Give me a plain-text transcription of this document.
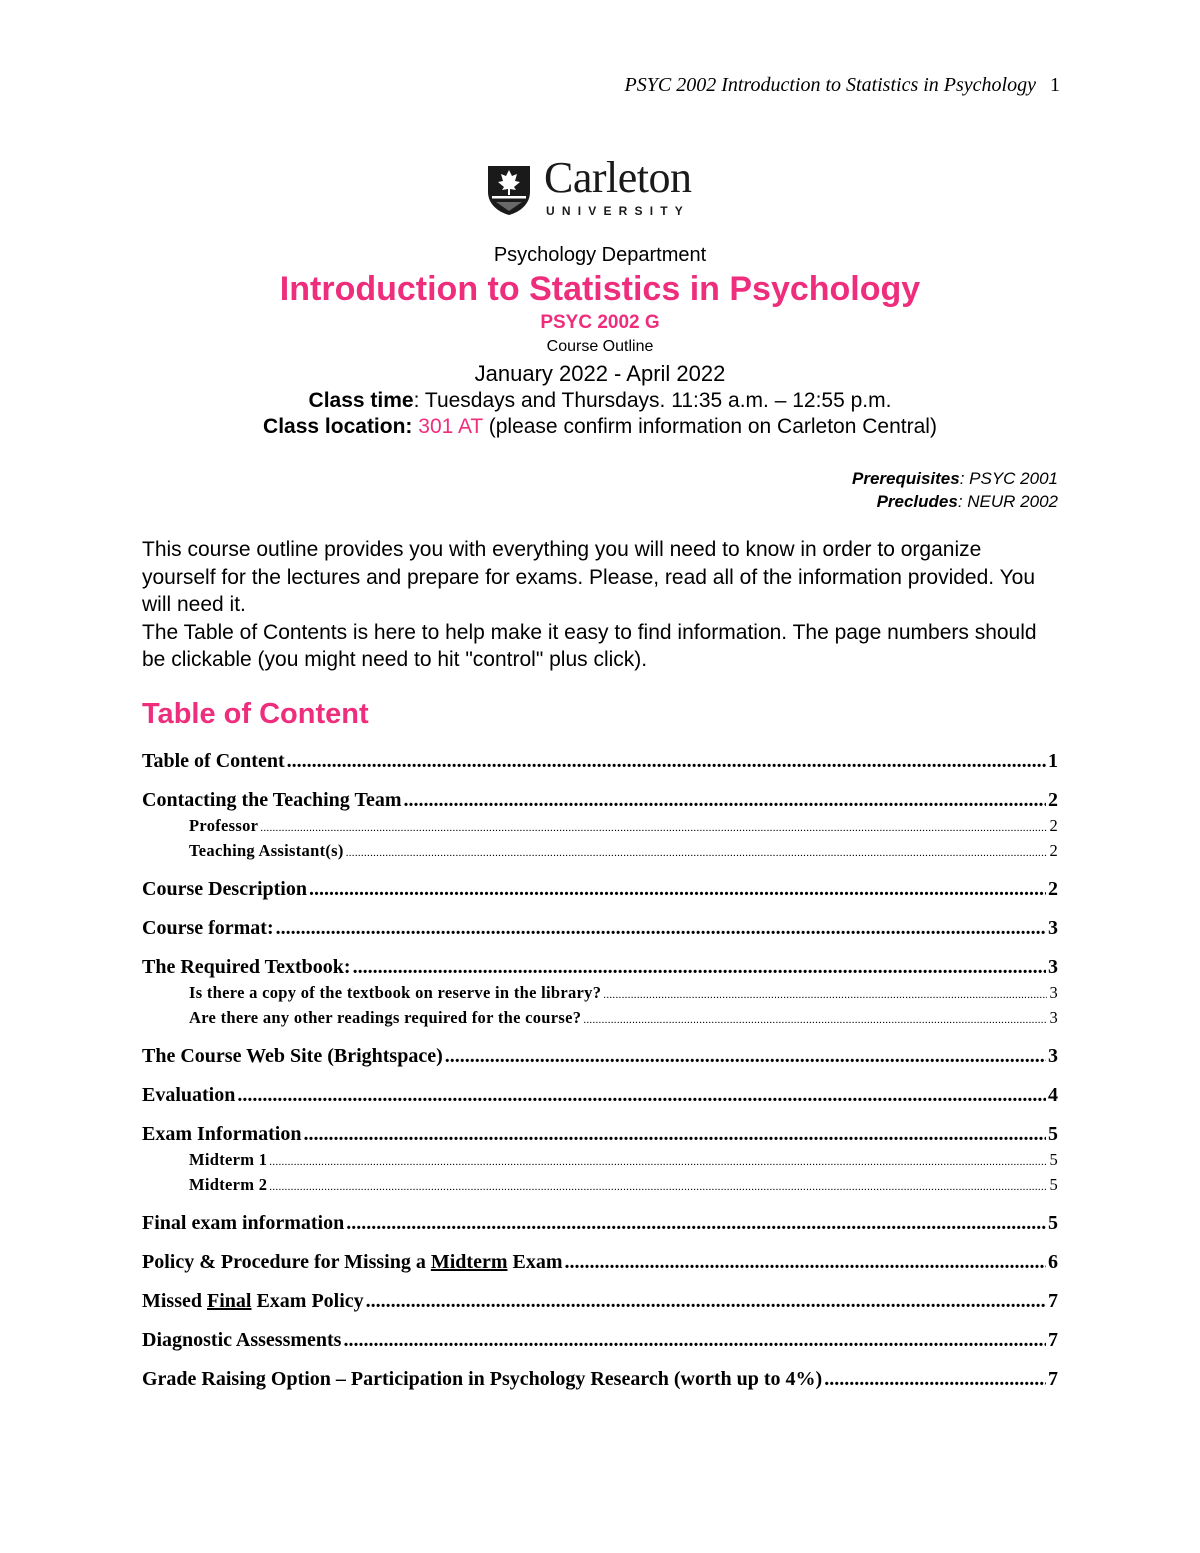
PSYC 2002 Introduction to Statistics in Psychology 1
Carleton
UNIVERSITY
Psychology Department
Introduction to Statistics in Psychology
PSYC 2002 G
Course Outline
January 2022 - April 2022
Class time: Tuesdays and Thursdays. 11:35 a.m. – 12:55 p.m.
Class location: 301 AT (please confirm information on Carleton Central)
Prerequisites: PSYC 2001
Precludes: NEUR 2002

This course outline provides you with everything you will need to know in order to organize yourself for the lectures and prepare for exams. Please, read all of the information provided. You will need it.

The Table of Contents is here to help make it easy to find information. The page numbers should be clickable (you might need to hit "control" plus click).

Table of Content
Table of Content .....	1
Contacting the Teaching Team .....	2
Professor .....	2
Teaching Assistant(s) .....	2
Course Description .....	2
Course format: .....	3
The Required Textbook: .....	3
Is there a copy of the textbook on reserve in the library? .....	3
Are there any other readings required for the course? .....	3
The Course Web Site (Brightspace) .....	3
Evaluation .....	4
Exam Information .....	5
Midterm 1 .....	5
Midterm 2 .....	5
Final exam information .....	5
Policy & Procedure for Missing a Midterm Exam .....	6
Missed Final Exam Policy .....	7
Diagnostic Assessments .....	7
Grade Raising Option – Participation in Psychology Research (worth up to 4%) .....	7
